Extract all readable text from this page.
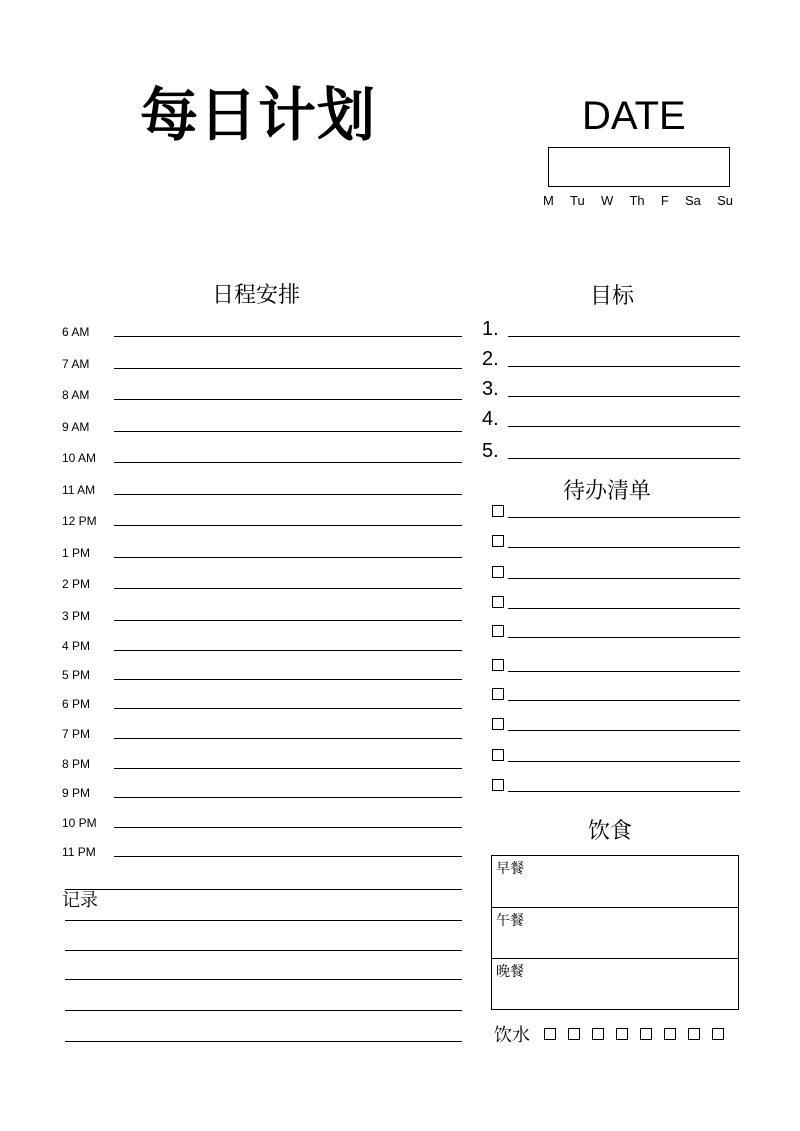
每日计划	DATE
M Tu W Th F Sa Su
日程安排
6 AM
7 AM
8 AM
9 AM
10 AM
11 AM
12 PM
1 PM
2 PM
3 PM
4 PM
5 PM
6 PM
7 PM
8 PM
9 PM
10 PM
11 PM
目标
1.
2.
3.
4.
5.
待办清单
记录
饮食
早餐
午餐
晚餐
饮水
